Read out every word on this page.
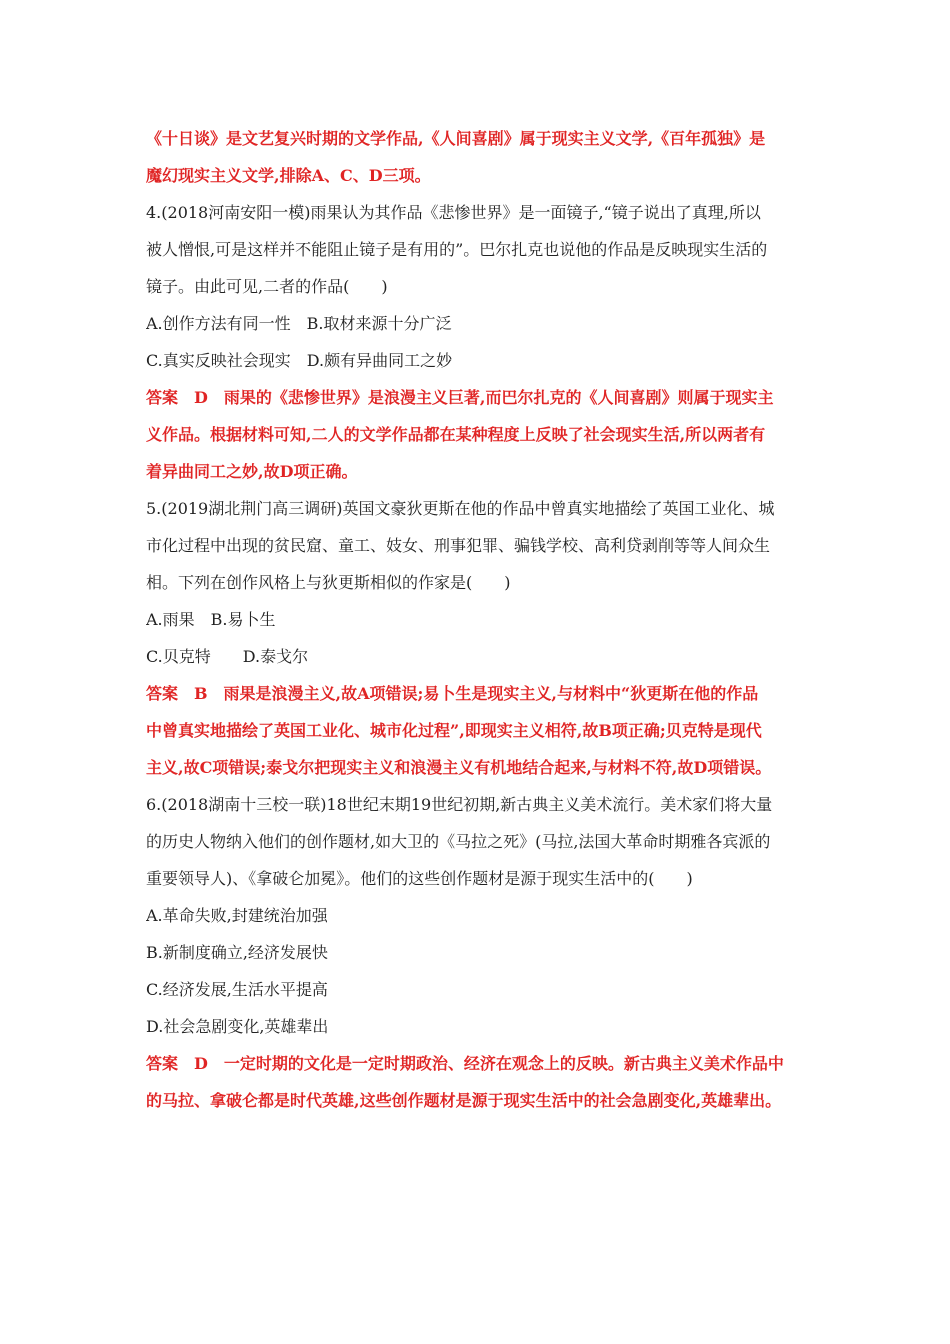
《十日谈》是文艺复兴时期的文学作品,《人间喜剧》属于现实主义文学,《百年孤独》是
魔幻现实主义文学,排除A、C、D三项。
4.(2018河南安阳一模)雨果认为其作品《悲惨世界》是一面镜子,“镜子说出了真理,所以
被人憎恨,可是这样并不能阻止镜子是有用的”。巴尔扎克也说他的作品是反映现实生活的
镜子。由此可见,二者的作品(　　)
A.创作方法有同一性　B.取材来源十分广泛
C.真实反映社会现实　D.颇有异曲同工之妙
答案　D　雨果的《悲惨世界》是浪漫主义巨著,而巴尔扎克的《人间喜剧》则属于现实主
义作品。根据材料可知,二人的文学作品都在某种程度上反映了社会现实生活,所以两者有
着异曲同工之妙,故D项正确。
5.(2019湖北荆门高三调研)英国文豪狄更斯在他的作品中曾真实地描绘了英国工业化、城
市化过程中出现的贫民窟、童工、妓女、刑事犯罪、骗钱学校、高利贷剥削等等人间众生
相。下列在创作风格上与狄更斯相似的作家是(　　)
A.雨果　B.易卜生
C.贝克特　　D.泰戈尔
答案　B　雨果是浪漫主义,故A项错误;易卜生是现实主义,与材料中“狄更斯在他的作品
中曾真实地描绘了英国工业化、城市化过程”,即现实主义相符,故B项正确;贝克特是现代
主义,故C项错误;泰戈尔把现实主义和浪漫主义有机地结合起来,与材料不符,故D项错误。
6.(2018湖南十三校一联)18世纪末期19世纪初期,新古典主义美术流行。美术家们将大量
的历史人物纳入他们的创作题材,如大卫的《马拉之死》(马拉,法国大革命时期雅各宾派的
重要领导人)、《拿破仑加冕》。他们的这些创作题材是源于现实生活中的(　　)
A.革命失败,封建统治加强
B.新制度确立,经济发展快
C.经济发展,生活水平提高
D.社会急剧变化,英雄辈出
答案　D　一定时期的文化是一定时期政治、经济在观念上的反映。新古典主义美术作品中
的马拉、拿破仑都是时代英雄,这些创作题材是源于现实生活中的社会急剧变化,英雄辈出。
